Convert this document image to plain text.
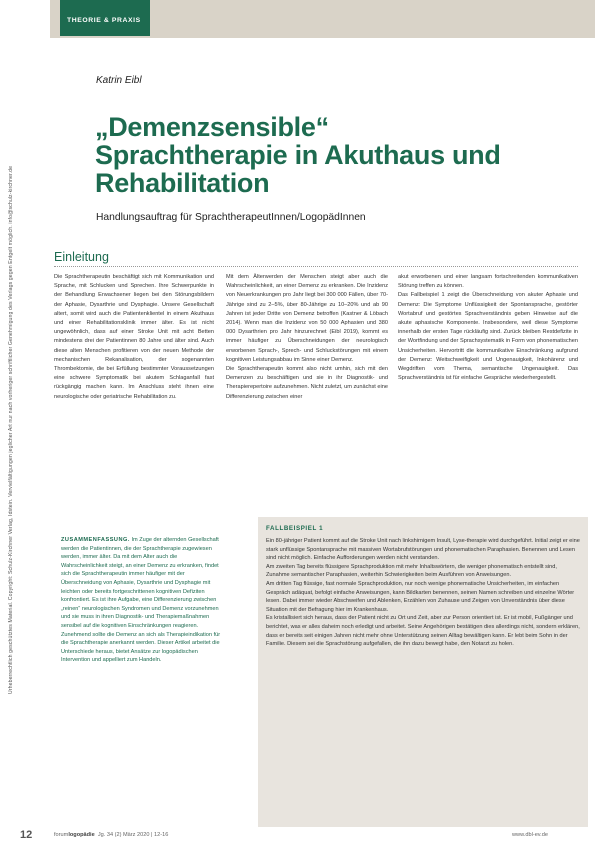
Urheberrechtlich geschütztes Material. Copyright: Schulz-Kirchner Verlag, Idstein. Vervielfältigungen jeglicher Art nur nach vorheriger schriftlicher Genehmigung des Verlags gegen Entgelt möglich. info@schulz-kirchner.de
THEORIE & PRAXIS
Katrin Eibl
„Demenzsensible“ Sprachtherapie in Akuthaus und Rehabilitation
Handlungsauftrag für SprachtherapeutInnen/LogopädInnen
Einleitung

Die Sprachtherapeutin beschäftigt sich mit Kommunikation und Sprache, mit Schlucken und Sprechen. Ihre Schwerpunkte in der Behandlung Erwachsener liegen bei den Störungsbildern der Aphasie, Dysarthrie und Dysphagie. Unsere Gesellschaft altert, somit wird auch die Patientenklientel in einem Akuthaus und einer Rehabilitationsklinik immer älter. Es ist nicht ungewöhnlich, dass auf einer Stroke Unit mit acht Betten mindestens drei der Patientinnen 80 Jahre und älter sind. Auch diese alten Menschen profitieren von der neuen Methode der mechanischen Rekanalisation, der sogenannten Thrombektomie, die bei Erfüllung bestimmter Voraussetzungen eine schwere Symptomatik bei akutem Schlaganfall fast rückgängig machen kann. Im Anschluss steht ihnen eine neurologische oder geriatrische Rehabilitation zu.

Mit dem Älterwerden der Menschen steigt aber auch die Wahrscheinlichkeit, an einer Demenz zu erkranken. Die Inzidenz von Neuerkrankungen pro Jahr liegt bei 300 000 Fällen, über 70-Jährige sind zu 2–5%, über 80-Jährige zu 10–20% und ab 90 Jahren ist jeder Dritte von Demenz betroffen (Kastner & Löbach 2014). Wenn man die Inzidenz von 50 000 Aphasien und 380 000 Dysarthrien pro Jahr hinzurechnet (Eibl 2019), kommt es immer häufiger zu Überschneidungen der neurologisch erworbenen Sprach-, Sprech- und Schluckstörungen mit einem kognitiven Leistungsabbau im Sinne einer Demenz.

Die Sprachtherapeutin kommt also nicht umhin, sich mit den Demenzen zu beschäftigen und sie in ihr Diagnostik- und Therapierepertoire aufzunehmen. Nicht zuletzt, um zunächst eine Differenzierung zwischen einer

akut erworbenen und einer langsam fortschreitenden kommunikativen Störung treffen zu können.

Das Fallbeispiel 1 zeigt die Überschneidung von akuter Aphasie und Demenz: Die Symptome Unflüssigkeit der Spontansprache, gestörter Wortabruf und gestörtes Sprachverständnis geben Hinweise auf die akute aphasische Komponente. Insbesondere, weil diese Symptome innerhalb der ersten Tage rückläufig sind. Zurück bleiben Restdefizite in der Wortfindung und der Sprachsystematik in Form von phonematischen Unsicherheiten. Hervortritt die kommunikative Einschränkung aufgrund der Demenz: Weitschweifigkeit und Ungenauigkeit, Inkohärenz und Wegdriften vom Thema, semantische Ungenauigkeit. Das Sprachverständnis ist für einfache Gespräche wiederhergestellt.

ZUSAMMENFASSUNG. Im Zuge der alternden Gesellschaft werden die Patientinnen, die der Sprachtherapie zugewiesen werden, immer älter. Da mit dem Alter auch die Wahrscheinlichkeit steigt, an einer Demenz zu erkranken, findet sich die Sprachtherapeutin immer häufiger mit der Überschneidung von Aphasie, Dysarthrie und Dysphagie mit leichten oder bereits fortgeschrittenen kognitiven Defiziten konfrontiert. Es ist ihre Aufgabe, eine Differenzierung zwischen „reinen“ neurologischen Syndromen und Demenz vorzunehmen und sie muss in ihren Diagnostik- und Therapiemaßnahmen sensibel auf die kognitiven Einschränkungen reagieren. Zunehmend sollte die Demenz an sich als Therapieindikation für die Sprachtherapie anerkannt werden. Dieser Artikel arbeitet die Unterschiede heraus, bietet Ansätze zur logopädischen Intervention und appelliert zum Handeln.
FALLBEISPIEL 1

Ein 80-jähriger Patient kommt auf die Stroke Unit nach linkshirnigem Insult, Lyse-therapie wird durchgeführt. Initial zeigt er eine stark unflüssige Spontansprache mit massiven Wortabrufstörungen und phonematischen Paraphasien. Benennen und Lesen sind nicht möglich. Einfache Aufforderungen werden nicht verstanden.

Am zweiten Tag bereits flüssigere Sprachproduktion mit mehr Inhaltswörtern, die weniger phonematisch entstellt sind, Zunahme semantischer Paraphasien, weiterhin Schwierigkeiten beim Ausführen von Anweisungen.

Am dritten Tag flüssige, fast normale Sprachproduktion, nur noch wenige phonematische Unsicherheiten, im einfachen Gespräch adäquat, befolgt einfache Anweisungen, kann Bildkarten benennen, seinen Namen schreiben und einzelne Wörter lesen. Dabei immer wieder Abschweifen und Ablenken, Erzählen von Zuhause und Zeigen von Unverständnis über diese Situation mit der Befragung hier im Krankenhaus.

Es kristallisiert sich heraus, dass der Patient nicht zu Ort und Zeit, aber zur Person orientiert ist. Er ist mobil, Fußgänger und berichtet, was er alles daheim noch erledigt und arbeitet. Seine Angehörigen bestätigen dies allerdings nicht, sondern erklären, dass er bereits seit einigen Jahren nicht mehr ohne Unterstützung seinen Alltag bewältigen kann. Er lebt beim Sohn in der Familie. Diesem sei die Sprachstörung aufgefallen, die ihn dazu bewegt habe, den Notarzt zu holen.

12	forumlogopädie Jg. 34 (2) März 2020 | 12-16	www.dbl-ev.de
